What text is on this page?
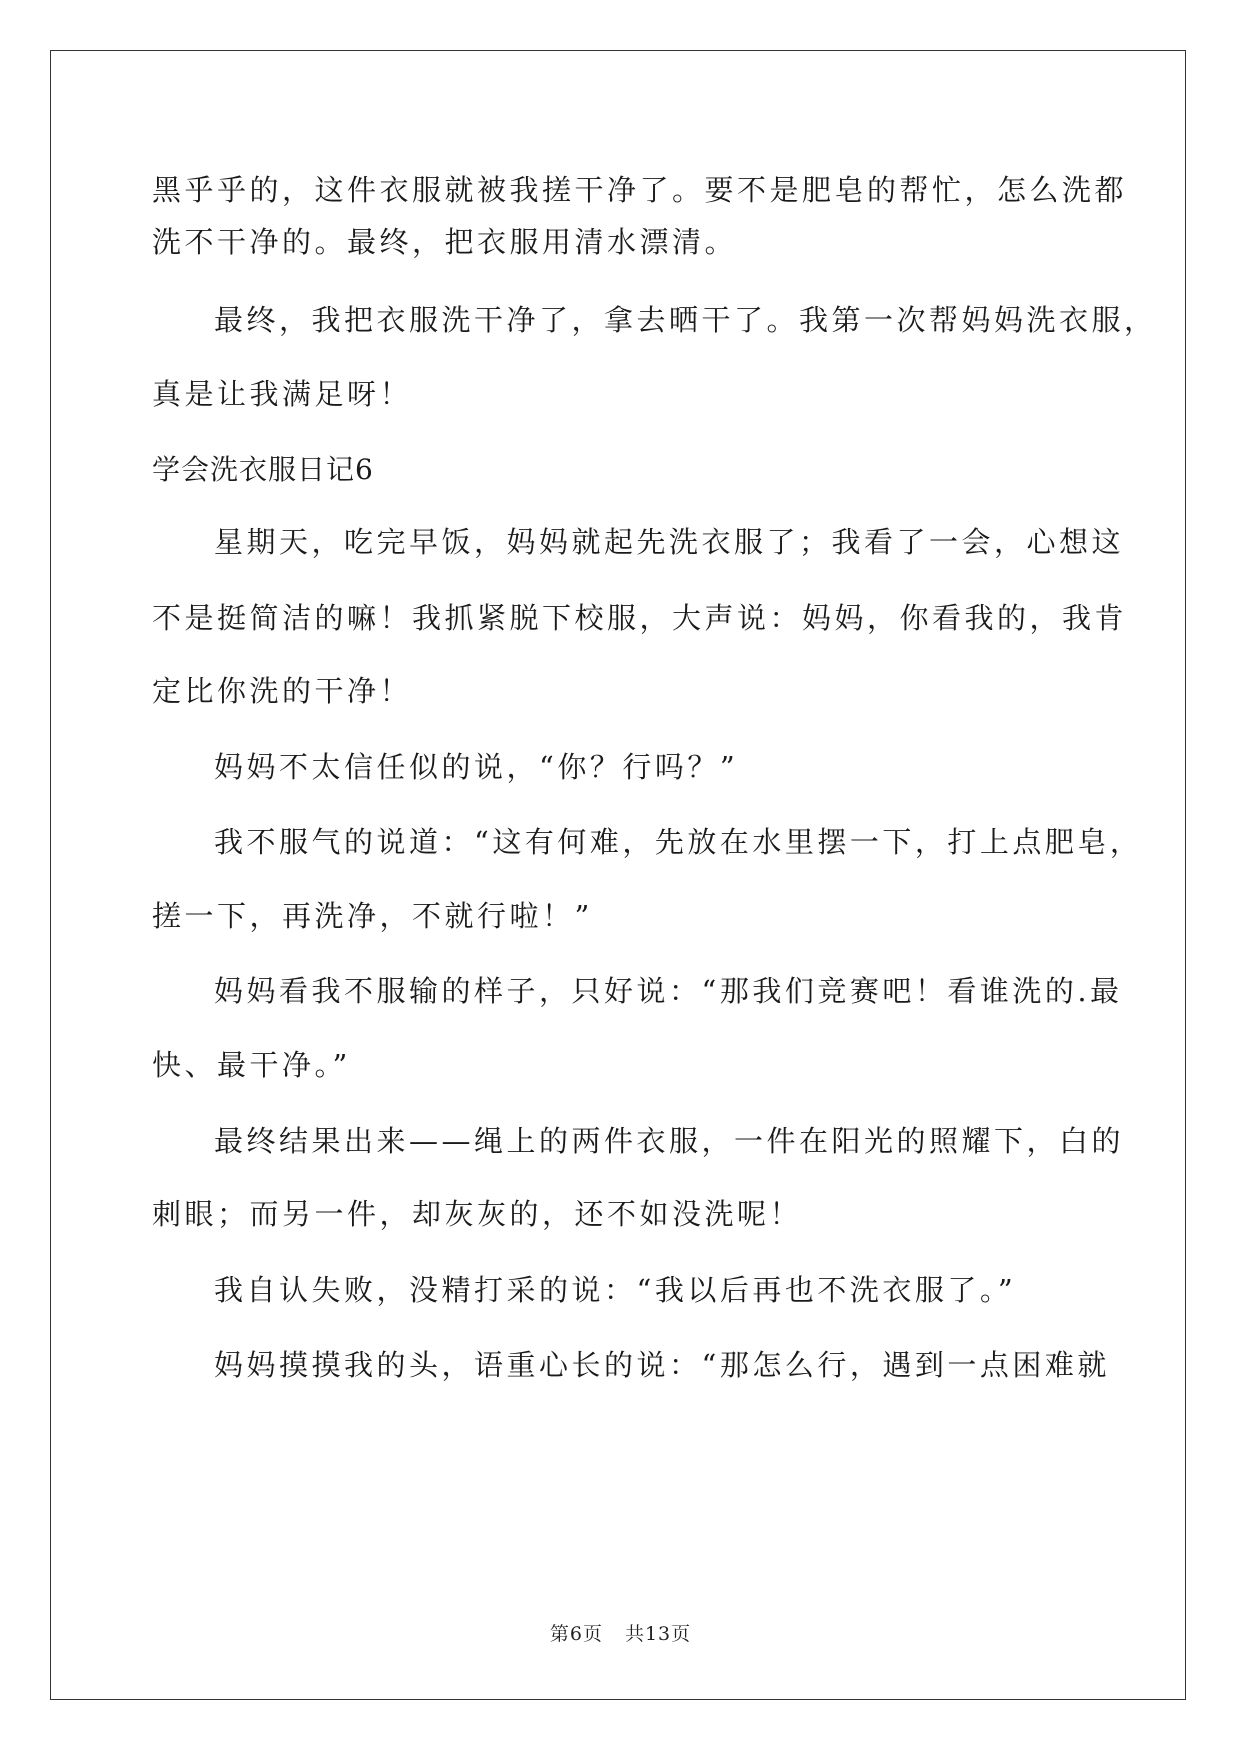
黑乎乎的，这件衣服就被我搓干净了。要不是肥皂的帮忙，怎么洗都
洗不干净的。最终，把衣服用清水漂清。
最终，我把衣服洗干净了，拿去晒干了。我第一次帮妈妈洗衣服，
真是让我满足呀！
学会洗衣服日记6
星期天，吃完早饭，妈妈就起先洗衣服了；我看了一会，心想这
不是挺简洁的嘛！我抓紧脱下校服，大声说：妈妈，你看我的，我肯
定比你洗的干净！
妈妈不太信任似的说，“你？行吗？”
我不服气的说道：“这有何难，先放在水里摆一下，打上点肥皂，
搓一下，再洗净，不就行啦！”
妈妈看我不服输的样子，只好说：“那我们竞赛吧！看谁洗的.最
快、最干净。”
最终结果出来——绳上的两件衣服，一件在阳光的照耀下，白的
刺眼；而另一件，却灰灰的，还不如没洗呢！
我自认失败，没精打采的说：“我以后再也不洗衣服了。”
妈妈摸摸我的头，语重心长的说：“那怎么行，遇到一点困难就
第6页 共13页
